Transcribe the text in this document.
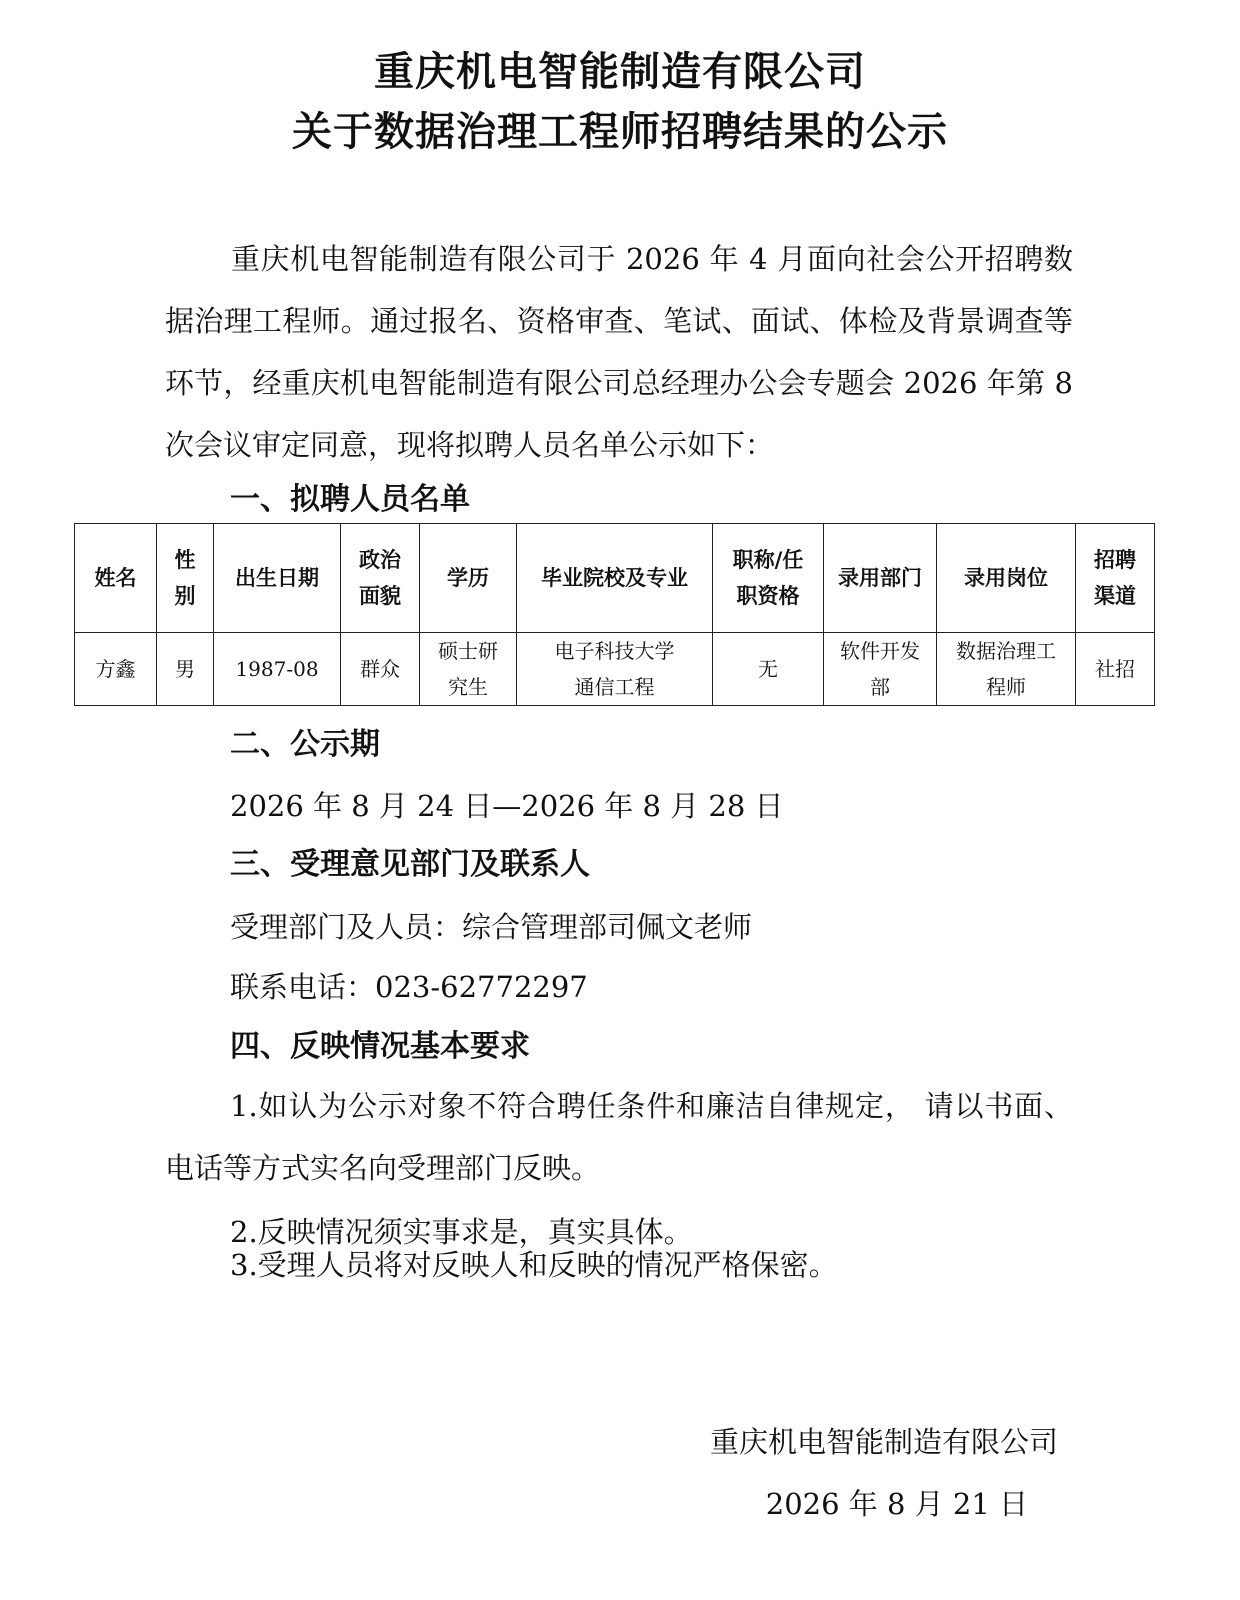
重庆机电智能制造有限公司
关于数据治理工程师招聘结果的公示
重庆机电智能制造有限公司于 2026 年 4 月面向社会公开招聘数据治理工程师。通过报名、资格审查、笔试、面试、体检及背景调查等环节，经重庆机电智能制造有限公司总经理办公会专题会 2026 年第 8 次会议审定同意，现将拟聘人员名单公示如下：
一、拟聘人员名单
姓名	性别	出生日期	政治面貌	学历	毕业院校及专业	职称/任职资格	录用部门	录用岗位	招聘渠道
方鑫	男	1987-08	群众	硕士研究生	电子科技大学通信工程	无	软件开发部	数据治理工程师	社招
二、公示期
2026 年 8 月 24 日—2026 年 8 月 28 日
三、受理意见部门及联系人
受理部门及人员：综合管理部司佩文老师
联系电话：023-62772297
四、反映情况基本要求
1.如认为公示对象不符合聘任条件和廉洁自律规定， 请以书面、电话等方式实名向受理部门反映。
2.反映情况须实事求是，真实具体。
3.受理人员将对反映人和反映的情况严格保密。
重庆机电智能制造有限公司
2026 年 8 月 21 日
